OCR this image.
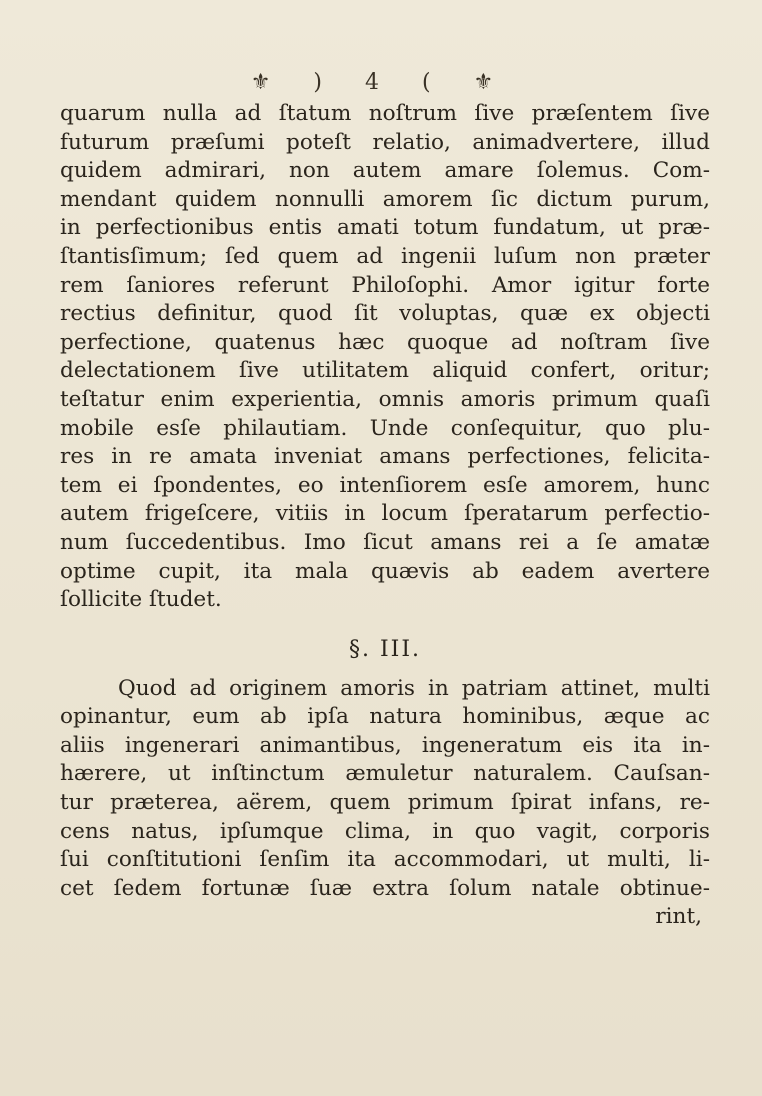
⚜ ) 4 ( ⚜
quarum nulla ad ſtatum noſtrum ſive præſentem ſive
futurum præſumi poteſt relatio, animadvertere, illud
quidem admirari, non autem amare ſolemus. Com-
mendant quidem nonnulli amorem ſic dictum purum,
in perfectionibus entis amati totum fundatum, ut præ-
ſtantisſimum; ſed quem ad ingenii luſum non præter
rem ſaniores referunt Philoſophi. Amor igitur forte
rectius definitur, quod ſit voluptas, quæ ex objecti
perfectione, quatenus hæc quoque ad noſtram ſive
delectationem ſive utilitatem aliquid confert, oritur;
teſtatur enim experientia, omnis amoris primum quaſi
mobile esſe philautiam. Unde conſequitur, quo plu-
res in re amata inveniat amans perfectiones, felicita-
tem ei ſpondentes, eo intenſiorem esſe amorem, hunc
autem frigeſcere, vitiis in locum ſperatarum perfectio-
num ſuccedentibus. Imo ſicut amans rei a ſe amatæ
optime cupit, ita mala quævis ab eadem avertere
ſollicite ſtudet.
§. III.
Quod ad originem amoris in patriam attinet, multi
opinantur, eum ab ipſa natura hominibus, æque ac
aliis ingenerari animantibus, ingeneratum eis ita in-
hærere, ut inſtinctum æmuletur naturalem. Cauſsan-
tur præterea, aërem, quem primum ſpirat infans, re-
cens natus, ipſumque clima, in quo vagit, corporis
ſui conſtitutioni ſenſim ita accommodari, ut multi, li-
cet ſedem fortunæ ſuæ extra ſolum natale obtinue-
rint,
